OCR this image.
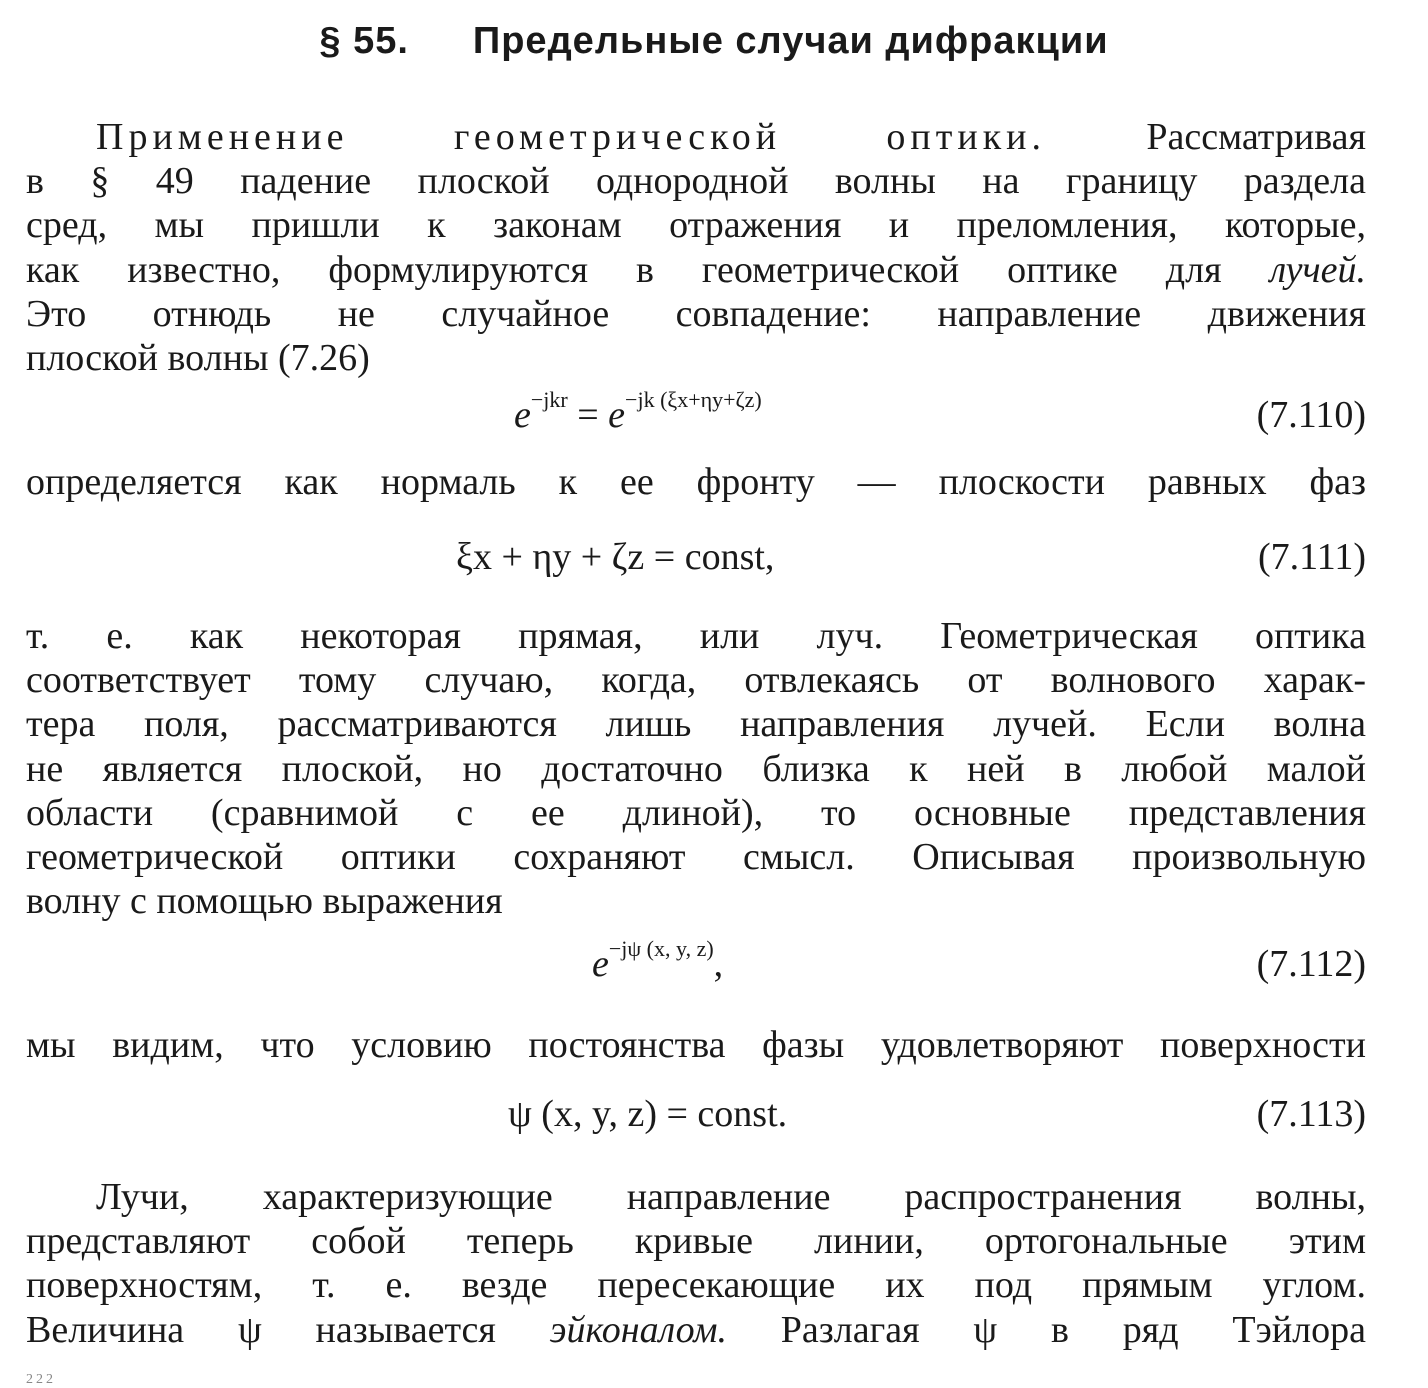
§ 55. Предельные случаи дифракции
Применение геометрической оптики.	Рассматривая
в § 49 падение плоской однородной волны на границу раздела
сред, мы пришли к законам отражения и преломления, которые,
как известно, формулируются в геометрической оптике для лучей.
Это отнюдь не случайное совпадение: направление движения
плоской волны (7.26)
$e^{-jkr} = e^{-jk (\xi x+\eta y+\zeta z)}$	(7.110)
определяется как нормаль к ее фронту — плоскости равных фаз
ξx + ηy + ζz = const,	(7.111)
т. е. как некоторая прямая, или луч. Геометрическая оптика
соответствует тому случаю, когда, отвлекаясь от волнового харак-
тера поля, рассматриваются лишь направления лучей. Если волна
не является плоской, но достаточно близка к ней в любой малой
области (сравнимой с ее длиной), то основные представления
геометрической оптики сохраняют смысл. Описывая произвольную
волну с помощью выражения
$e^{-j\psi (x, y, z)}$,	(7.112)
мы видим, что условию постоянства фазы удовлетворяют поверхности
ψ (x, y, z) = const.	(7.113)
Лучи, характеризующие направление распространения волны,
представляют собой теперь кривые линии, ортогональные этим
поверхностям, т. е. везде пересекающие их под прямым углом.
Величина ψ называется эйконалом. Разлагая ψ в ряд Тэйлора
222
